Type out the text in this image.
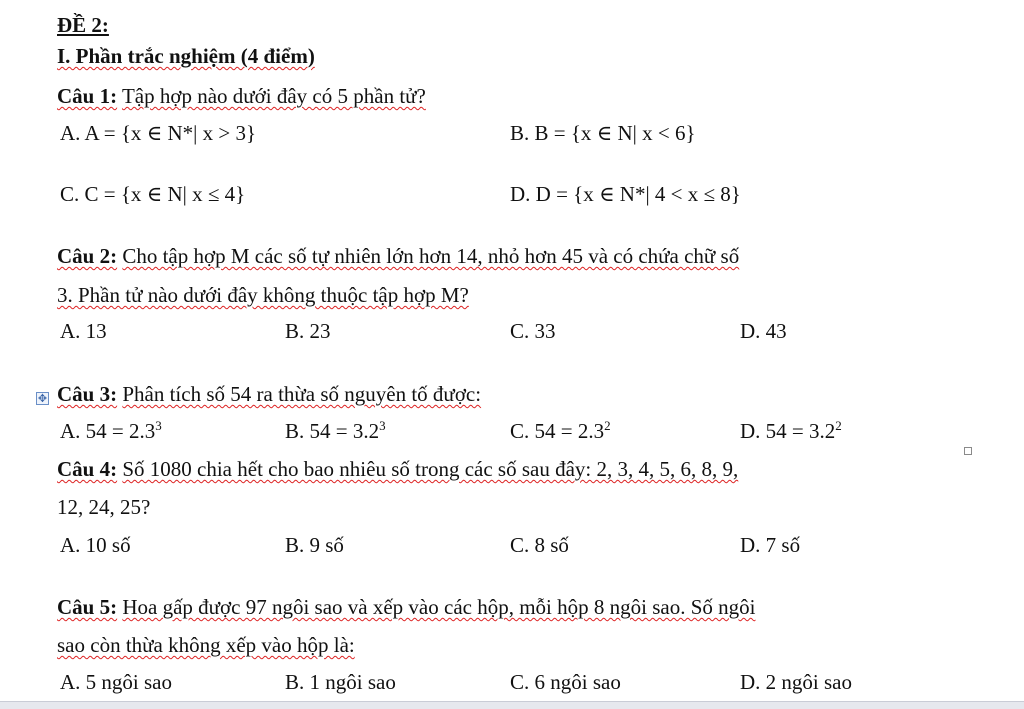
ĐỀ 2:
I. Phần trắc nghiệm (4 điểm)
Câu 1: Tập hợp nào dưới đây có 5 phần tử?
A. A = {x ∈ N*| x > 3}	B. B = {x ∈ N| x < 6}
C. C = {x ∈ N| x ≤ 4}	D. D = {x ∈ N*| 4 < x ≤ 8}
Câu 2: Cho tập hợp M các số tự nhiên lớn hơn 14, nhỏ hơn 45 và có chứa chữ số
3. Phần tử nào dưới đây không thuộc tập hợp M?
A. 13	B. 23	C. 33	D. 43
✥ Câu 3: Phân tích số 54 ra thừa số nguyên tố được:
A. $54 = 2.3^3$	B. $54 = 3.2^3$	C. $54 = 2.3^2$	D. $54 = 3.2^2$
Câu 4: Số 1080 chia hết cho bao nhiêu số trong các số sau đây: 2, 3, 4, 5, 6, 8, 9,
12, 24, 25?
A. 10 số	B. 9 số	C. 8 số	D. 7 số
Câu 5: Hoa gấp được 97 ngôi sao và xếp vào các hộp, mỗi hộp 8 ngôi sao. Số ngôi
sao còn thừa không xếp vào hộp là:
A. 5 ngôi sao	B. 1 ngôi sao	C. 6 ngôi sao	D. 2 ngôi sao
